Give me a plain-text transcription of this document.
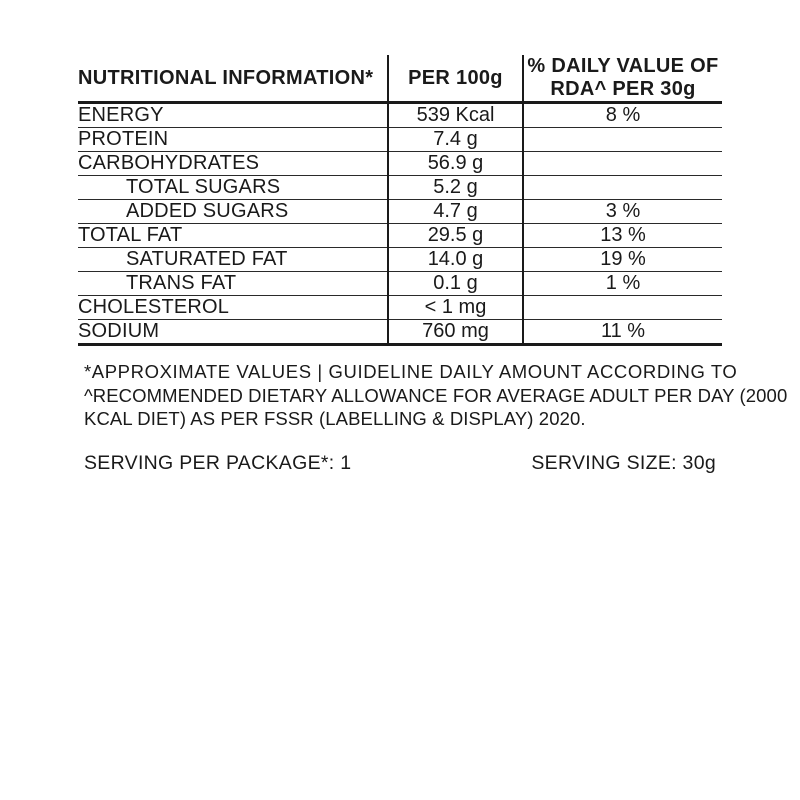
NUTRITIONAL INFORMATION*	PER 100g	% DAILY VALUE OF
RDA^ PER 30g
ENERGY	539 Kcal	8 %
PROTEIN	7.4 g	
CARBOHYDRATES	56.9 g	
TOTAL SUGARS	5.2 g	
ADDED SUGARS	4.7 g	3 %
TOTAL FAT	29.5 g	13 %
SATURATED FAT	14.0 g	19 %
TRANS FAT	0.1 g	1 %
CHOLESTEROL	< 1 mg	
SODIUM	760 mg	11 %
*APPROXIMATE VALUES | GUIDELINE DAILY AMOUNT ACCORDING TO
^RECOMMENDED DIETARY ALLOWANCE FOR AVERAGE ADULT PER DAY (2000
KCAL DIET) AS PER FSSR (LABELLING & DISPLAY) 2020.
SERVING PER PACKAGE*: 1	SERVING SIZE: 30g
